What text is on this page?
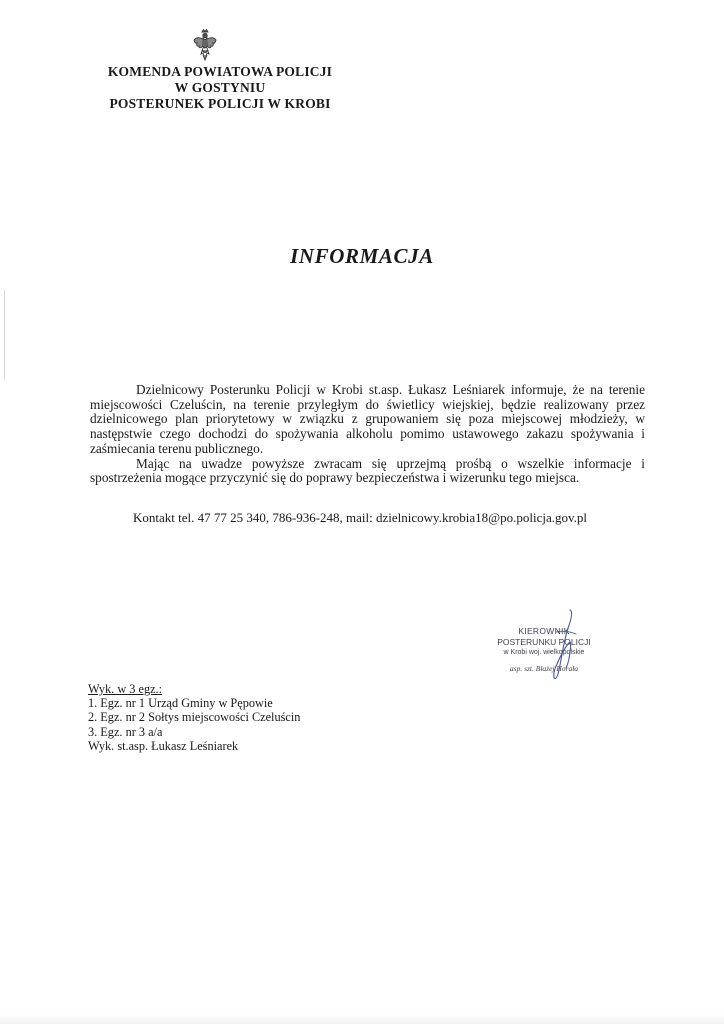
KOMENDA POWIATOWA POLICJI
W GOSTYNIU
POSTERUNEK POLICJI W KROBI
INFORMACJA

Dzielnicowy Posterunku Policji w Krobi st.asp. Łukasz Leśniarek informuje, że na terenie miejscowości Czeluścin, na terenie przyległym do świetlicy wiejskiej, będzie realizowany przez dzielnicowego plan priorytetowy w związku z grupowaniem się poza miejscowej młodzieży, w następstwie czego dochodzi do spożywania alkoholu pomimo ustawowego zakazu spożywania i zaśmiecania terenu publicznego.

Mając na uwadze powyższe zwracam się uprzejmą prośbą o wszelkie informacje i spostrzeżenia mogące przyczynić się do poprawy bezpieczeństwa i wizerunku tego miejsca.

Kontakt tel. 47 77 25 340, 786-936-248, mail: dzielnicowy.krobia18@po.policja.gov.pl
KIEROWNIK
POSTERUNKU POLICJI
w Krobi woj. wielkopolskie
asp. szt. Błażej Horała
Wyk. w 3 egz.:
1. Egz. nr 1 Urząd Gminy w Pępowie
2. Egz. nr 2 Sołtys miejscowości Czeluścin
3. Egz. nr 3 a/a
Wyk. st.asp. Łukasz Leśniarek
